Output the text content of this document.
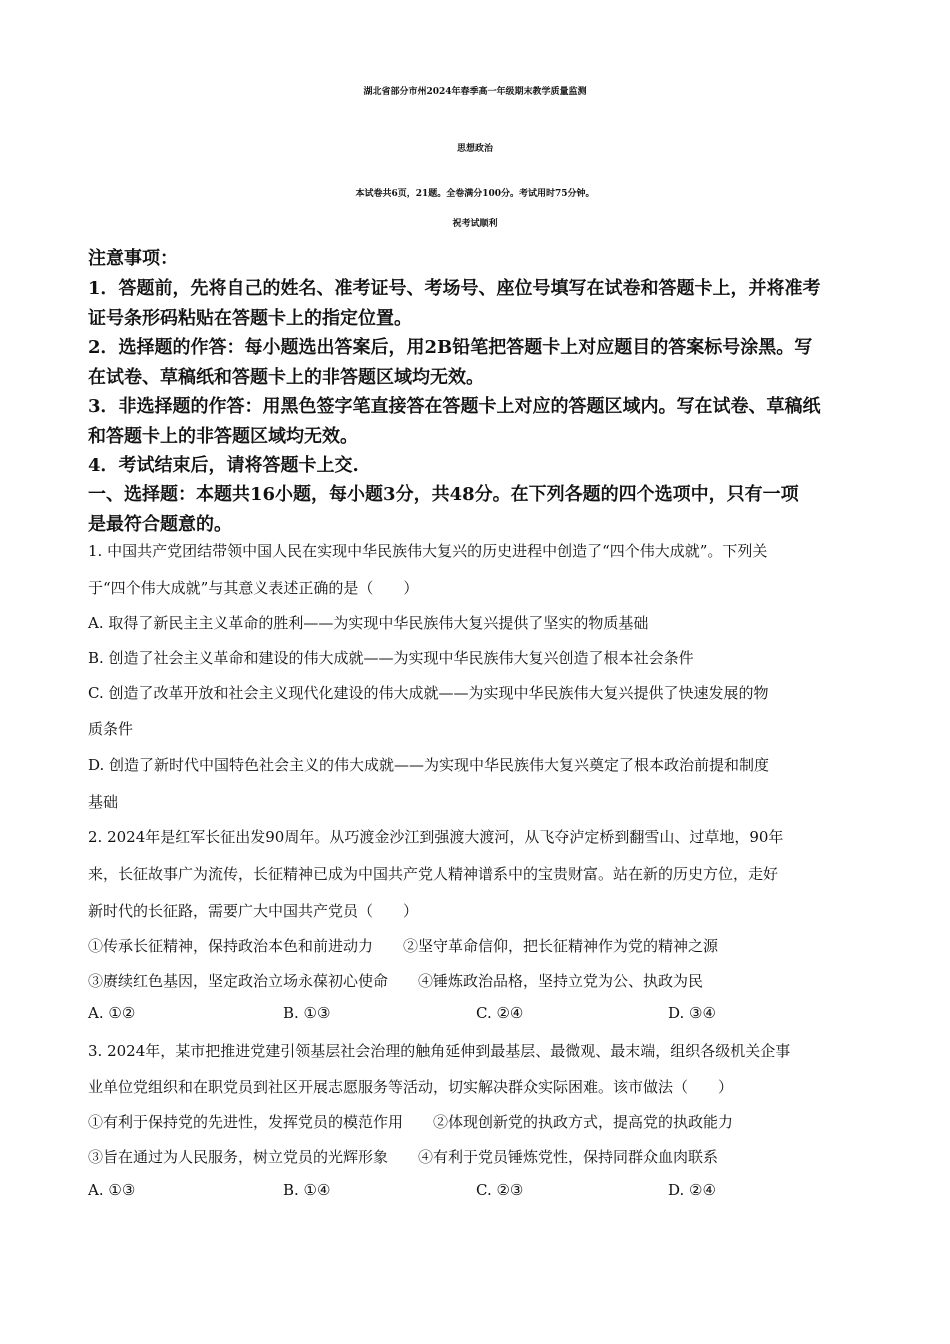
湖北省部分市州2024年春季高一年级期末教学质量监测
思想政治
本试卷共6页，21题。全卷满分100分。考试用时75分钟。
祝考试顺利
注意事项：
1．答题前，先将自己的姓名、准考证号、考场号、座位号填写在试卷和答题卡上，并将准考
证号条形码粘贴在答题卡上的指定位置。
2．选择题的作答：每小题选出答案后，用2B铅笔把答题卡上对应题目的答案标号涂黑。写
在试卷、草稿纸和答题卡上的非答题区域均无效。
3．非选择题的作答：用黑色签字笔直接答在答题卡上对应的答题区域内。写在试卷、草稿纸
和答题卡上的非答题区域均无效。
4．考试结束后，请将答题卡上交.
一、选择题：本题共16小题，每小题3分，共48分。在下列各题的四个选项中，只有一项
是最符合题意的。
1. 中国共产党团结带领中国人民在实现中华民族伟大复兴的历史进程中创造了“四个伟大成就”。下列关
于“四个伟大成就”与其意义表述正确的是（　　）
A. 取得了新民主主义革命的胜利——为实现中华民族伟大复兴提供了坚实的物质基础
B. 创造了社会主义革命和建设的伟大成就——为实现中华民族伟大复兴创造了根本社会条件
C. 创造了改革开放和社会主义现代化建设的伟大成就——为实现中华民族伟大复兴提供了快速发展的物
质条件
D. 创造了新时代中国特色社会主义的伟大成就——为实现中华民族伟大复兴奠定了根本政治前提和制度
基础
2. 2024年是红军长征出发90周年。从巧渡金沙江到强渡大渡河，从飞夺泸定桥到翻雪山、过草地，90年
来，长征故事广为流传，长征精神已成为中国共产党人精神谱系中的宝贵财富。站在新的历史方位，走好
新时代的长征路，需要广大中国共产党员（　　）
①传承长征精神，保持政治本色和前进动力　　②坚守革命信仰，把长征精神作为党的精神之源
③赓续红色基因，坚定政治立场永葆初心使命　　④锤炼政治品格，坚持立党为公、执政为民
A. ①②	B. ①③	C. ②④	D. ③④
3. 2024年，某市把推进党建引领基层社会治理的触角延伸到最基层、最微观、最末端，组织各级机关企事
业单位党组织和在职党员到社区开展志愿服务等活动，切实解决群众实际困难。该市做法（　　）
①有利于保持党的先进性，发挥党员的模范作用　　②体现创新党的执政方式，提高党的执政能力
③旨在通过为人民服务，树立党员的光辉形象　　④有利于党员锤炼党性，保持同群众血肉联系
A. ①③	B. ①④	C. ②③	D. ②④
